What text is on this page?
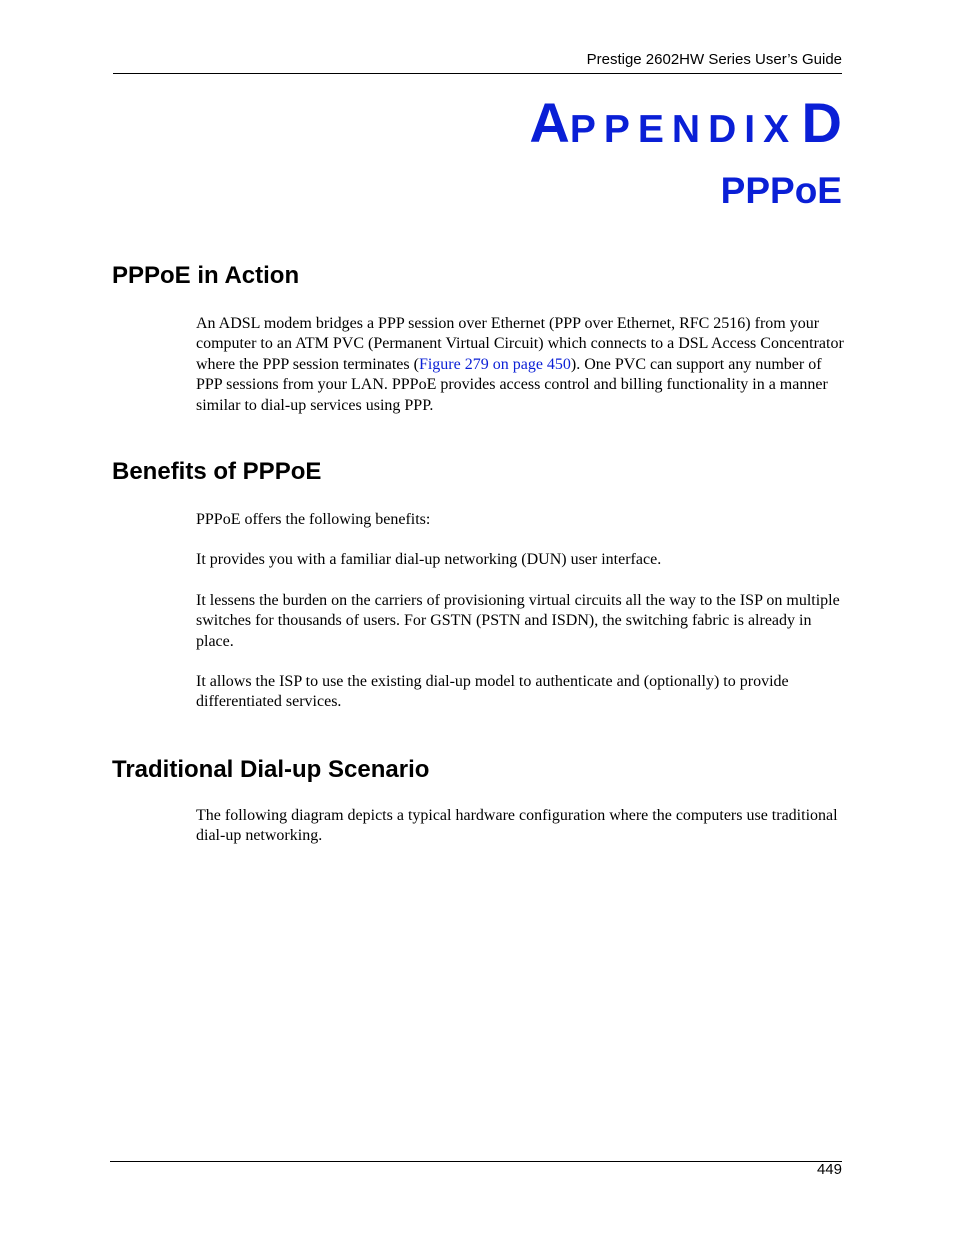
Prestige 2602HW Series User’s Guide
APPENDIX D
PPPoE
PPPoE in Action

An ADSL modem bridges a PPP session over Ethernet (PPP over Ethernet, RFC 2516) from your computer to an ATM PVC (Permanent Virtual Circuit) which connects to a DSL Access Concentrator where the PPP session terminates (Figure 279 on page 450). One PVC can support any number of PPP sessions from your LAN. PPPoE provides access control and billing functionality in a manner similar to dial-up services using PPP.

Benefits of PPPoE

PPPoE offers the following benefits:

It provides you with a familiar dial-up networking (DUN) user interface.

It lessens the burden on the carriers of provisioning virtual circuits all the way to the ISP on multiple switches for thousands of users. For GSTN (PSTN and ISDN), the switching fabric is already in place.

It allows the ISP to use the existing dial-up model to authenticate and (optionally) to provide differentiated services.

Traditional Dial-up Scenario

The following diagram depicts a typical hardware configuration where the computers use traditional dial-up networking.

449
